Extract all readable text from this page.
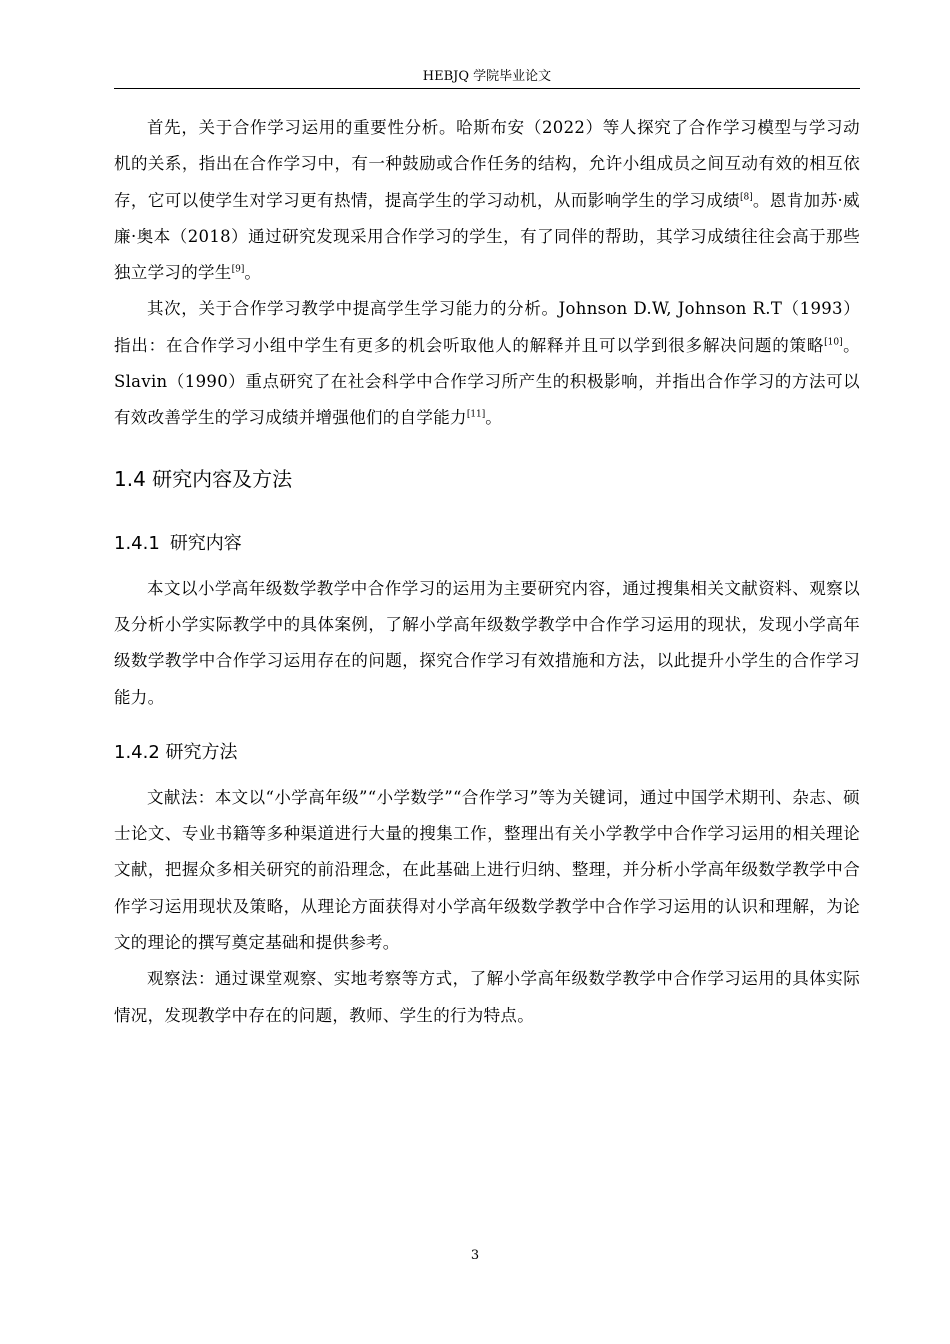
HEBJQ 学院毕业论文

首先，关于合作学习运用的重要性分析。哈斯布安（2022）等人探究了合作学习模型与学习动机的关系，指出在合作学习中，有一种鼓励或合作任务的结构，允许小组成员之间互动有效的相互依存，它可以使学生对学习更有热情，提高学生的学习动机，从而影响学生的学习成绩[8]。恩肯加苏·威廉·奥本（2018）通过研究发现采用合作学习的学生，有了同伴的帮助，其学习成绩往往会高于那些独立学习的学生[9]。

其次，关于合作学习教学中提高学生学习能力的分析。Johnson D.W, Johnson R.T（1993）指出：在合作学习小组中学生有更多的机会听取他人的解释并且可以学到很多解决问题的策略[10]。Slavin（1990）重点研究了在社会科学中合作学习所产生的积极影响，并指出合作学习的方法可以有效改善学生的学习成绩并增强他们的自学能力[11]。

1.4 研究内容及方法
1.4.1 研究内容

本文以小学高年级数学教学中合作学习的运用为主要研究内容，通过搜集相关文献资料、观察以及分析小学实际教学中的具体案例，了解小学高年级数学教学中合作学习运用的现状，发现小学高年级数学教学中合作学习运用存在的问题，探究合作学习有效措施和方法，以此提升小学生的合作学习能力。

1.4.2 研究方法

文献法：本文以“小学高年级”“小学数学”“合作学习”等为关键词，通过中国学术期刊、杂志、硕士论文、专业书籍等多种渠道进行大量的搜集工作，整理出有关小学教学中合作学习运用的相关理论文献，把握众多相关研究的前沿理念，在此基础上进行归纳、整理，并分析小学高年级数学教学中合作学习运用现状及策略，从理论方面获得对小学高年级数学教学中合作学习运用的认识和理解，为论文的理论的撰写奠定基础和提供参考。

观察法：通过课堂观察、实地考察等方式，了解小学高年级数学教学中合作学习运用的具体实际情况，发现教学中存在的问题，教师、学生的行为特点。

3
